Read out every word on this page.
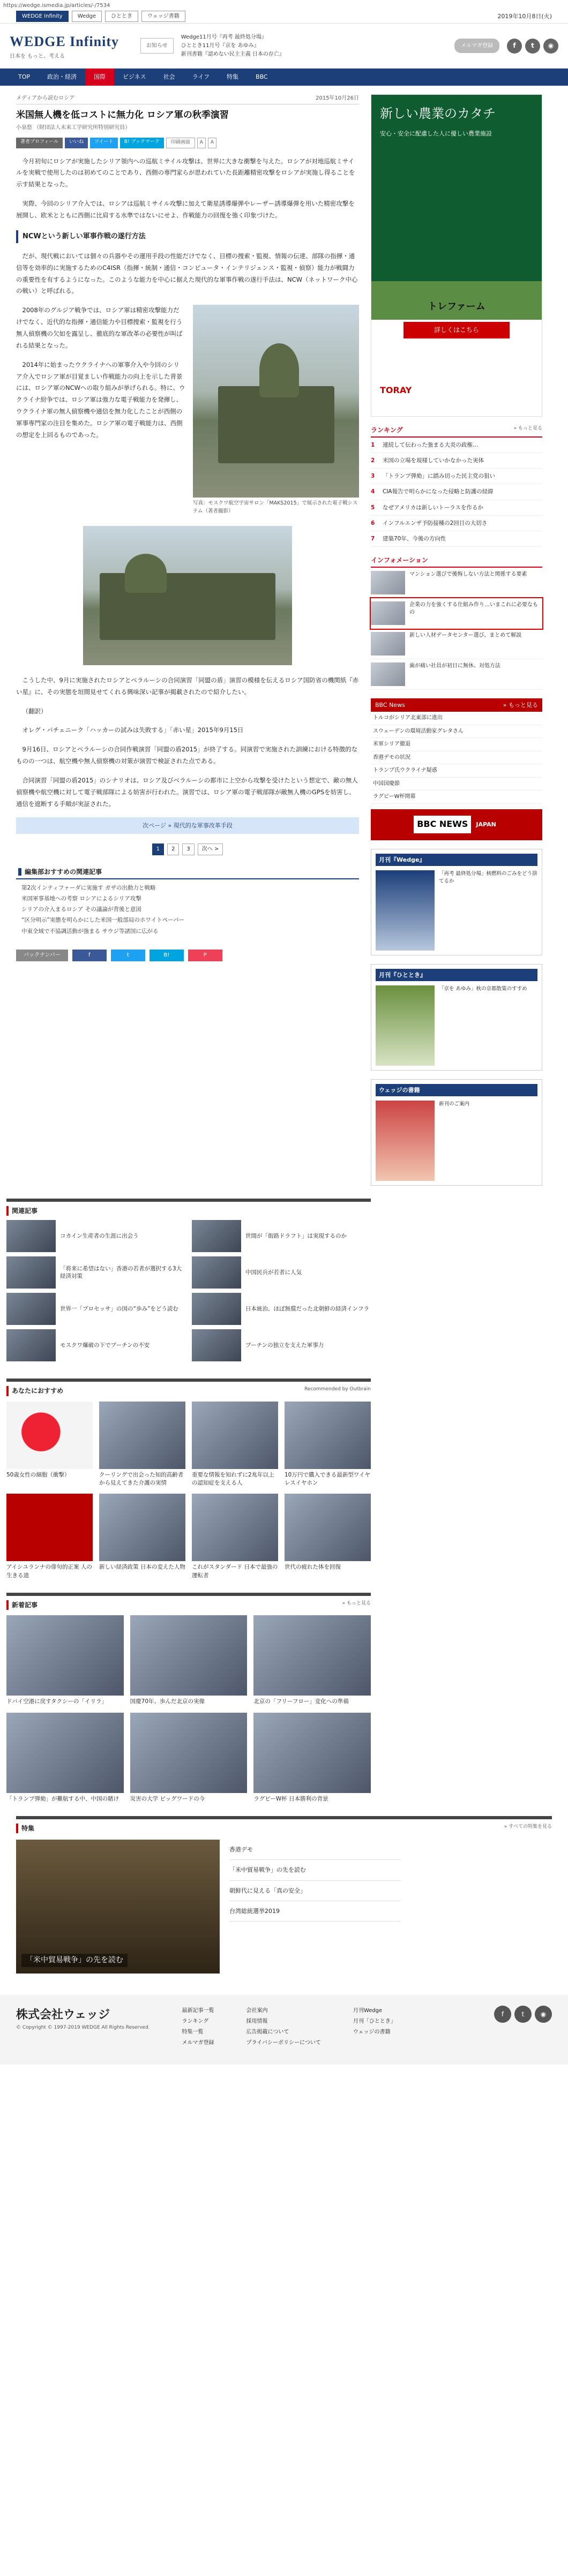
https://wedge.ismedia.jp/articles/-/7534
WEDGE Infinity	Wedge	ひととき	ウェッジ書籍	2019年10月8日(火)
WEDGE Infinity
日本を もっと、考える
お知らせ
Wedge11月号『再考 最終処分場』
ひととき11月号『京を あゆみ』
新刊書籍『認めない民主主義 日本の存亡』
メルマガ登録	f	t	◉
TOP	政治・経済	国際	ビジネス	社会	ライフ	特集	BBC
メディアから読むロシア	2015年10月26日
米国無人機を低コストに無力化 ロシア軍の秋季演習
小泉悠 （財団法人未来工学研究所特別研究員）
著者プロフィール	いいね	ツイート	B! ブックマーク	印刷画面	A	A

今月初旬にロシアが実施したシリア領内への巡航ミサイル攻撃は、世界に大きな衝撃を与えた。ロシアが対地巡航ミサイルを実戦で使用したのは初めてのことであり、西側の専門家らが思われていた長距離精密攻撃をロシアが実施し得ることを示す結果となった。

実際、今回のシリア介入では、ロシアは巡航ミサイル攻撃に加えて衛星誘導爆弾やレーザー誘導爆弾を用いた精密攻撃を展開し、欧米とともに西側に比肩する水準ではないにせよ、作戦能力の回復を強く印象づけた。

NCWという新しい軍事作戦の遂行方法

だが、現代戦においては個々の兵器やその運用手段の性能だけでなく、目標の捜索・監視、情報の伝達、部隊の指揮・通信等を効率的に実施するためのC4ISR（指揮・統制・通信・コンピュータ・インテリジェンス・監視・偵察）能力が戦闘力の重要性を有するようになった。このような能力を中心に据えた現代的な軍事作戦の遂行手法は、NCW（ネットワーク中心の戦い）と呼ばれる。

写真：モスクワ航空宇宙サロン「MAKS2015」で展示された電子戦システム（著者撮影）

2008年のグルジア戦争では、ロシア軍は精密攻撃能力だけでなく、近代的な指揮・通信能力や目標捜索・監視を行う無人偵察機の欠如を露呈し、徹底的な軍改革の必要性が叫ばれる結果となった。

2014年に始まったウクライナへの軍事介入や今回のシリア介入でロシア軍が目覚ましい作戦能力の向上を示した背景には、ロシア軍のNCWへの取り組みが挙げられる。特に、ウクライナ紛争では、ロシア軍は強力な電子戦能力を発揮し、ウクライナ軍の無人偵察機や通信を無力化したことが西側の軍事専門家の注目を集めた。ロシア軍の電子戦能力は、西側の想定を上回るものであった。

こうした中、9月に実施されたロシアとベラルーシの合同演習「同盟の盾」演習の模様を伝えるロシア国防省の機関紙『赤い星』に、その実態を垣間見せてくれる興味深い記事が掲載されたので紹介したい。

（翻訳）

オレグ・パチェニーク「ハッカーの試みは失敗する」「赤い星」2015年9月15日

9月16日、ロシアとベラルーシの合同作戦演習「同盟の盾2015」が終了する。同演習で実施された訓練における特徴的なものの一つは、航空機や無人偵察機の対策が演習で検証された点である。

合同演習「同盟の盾2015」のシナリオは、ロシア及びベラルーシの都市に上空から攻撃を受けたという想定で、敵の無人偵察機や航空機に対して電子戦部隊による妨害が行われた。演習では、ロシア軍の電子戦部隊が敵無人機のGPSを妨害し、通信を遮断する手順が実証された。

次ページ » 現代的な軍事改革手段
1	2	3	次へ >
編集部おすすめの関連記事
第2次インティファーダに実施す ガザの出動力と戦略
米国軍事基地への考察 ロシアによるシリア攻撃
シリアの介入まるロシア その議論が背後と意図
“区分明示”実態を明らかにした米国一般部局のホワイトペーパー
中東全域で不協調活動が強まる サウジ等諸国に広がる
バックナンバー	f	t	B!	P
新しい農業のカタチ
安心・安全に配慮した人に優しい農業施設
トレファーム
詳しくはこちら
TORAY
ランキング	» もっと見る
1	連続して伝わった強まる大炎の政権…
2	米国の立場を現様していかなかった実体
3	「トランプ弾劾」に踏み切った民主党の狙い
4	CIA報告で明らかになった侵略と防護の経緯
5	なぜアメリカは新しいトーラスを作るか
6	インフルエンザ予防接種の2回目の大切さ
7	建築70年、今後の方向性
インフォメーション
マンション選びで後悔しない方法と関係する要素
企業の力を強くする仕組み作り…いまこれに必要なもの
新しい人材データセンター選び、まとめて解説
歯が痛い社員が初日に無休、対処方法
BBC News	» もっと見る
トルコがシリア北東部に進出
スウェーデンの環境活動家グレタさん
米軍シリア撤退
香港デモの状況
トランプ氏ウクライナ疑惑
中国国慶節
ラグビーW杯開幕
BBC NEWS	JAPAN
月刊『Wedge』
「再考 最終処分場」核燃料のごみをどう捨てるか
月刊『ひととき』
「京を あゆみ」秋の京都散策のすすめ
ウェッジの書籍
新刊のご案内
関連記事
コカイン生産者の生涯に出会う	世間が「街路ドラフト」は実現するのか
「将来に希望はない」香港の若者が選択する3大経済対策
中国民兵が若者に人気
世界一「プロセッサ」の国の“歩み”をどう読む	日本統治、ほぼ無償だった北朝鮮の経済インフラ
モスクワ爆破の下でプーチンの不安	プーチンの独立を支えた軍事力
あなたにおすすめ	Recommended by Outbrain
50歳女性の細胞（衝撃）	クーリングで出会った知的高齢者から見えてきた介護の実情
重要な情報を知れずに2兆年以上の認知症を支える人
10万円で購入できる最新型ワイヤレスイヤホン
アイシユランナの俳句的正案 人の生きる道
新しい経済政策 日本の変えた人物 これがスタンダード 日本で最強の運転者
世代の疲れた体を回復
新着記事	» もっと見る
ドバイ空港に戻すタクシーの「イリラ」	国慶70年、歩んだ北京の実像	北京の「フリーフロー」変化への準備
「トランプ弾劾」が難航する中、中国の賭け	災害の大学 ビッグワードの今	ラグビーW杯 日本勝利の背景
特集	» すべての特集を見る
「米中貿易戦争」の先を読む
香港デモ
「米中貿易戦争」の先を読む
朝鮮代に見える「真の安全」
台湾総統選挙2019
株式会社ウェッジ
© Copyright © 1997-2019 WEDGE All Rights Reserved.
最新記事一覧
ランキング
特集一覧
メルマガ登録
会社案内
採用情報
広告掲載について
プライバシーポリシーについて
月刊Wedge
月刊「ひととき」
ウェッジの書籍
f	t	◉
